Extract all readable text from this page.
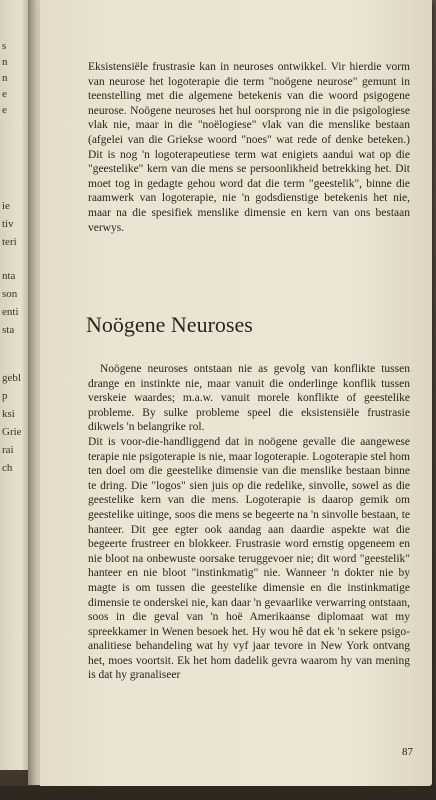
s
n
n
e
e
ie
tiv
teri
nta
son
enti
sta
gebl
p
ksi
Grie
rai
ch

Eksistensiële frustrasie kan in neuroses ontwikkel. Vir hierdie vorm van neurose het logoterapie die term "noögene neurose" gemunt in teenstelling met die algemene betekenis van die woord psigogene neurose. Noögene neuroses het hul oorsprong nie in die psigologiese vlak nie, maar in die "noëlogiese" vlak van die menslike bestaan (afgelei van die Griekse woord "noes" wat rede of denke beteken.) Dit is nog 'n logoterapeutiese term wat enigiets aandui wat op die "geestelike" kern van die mens se persoonlikheid betrekking het. Dit moet tog in gedagte gehou word dat die term "geestelik", binne die raamwerk van logoterapie, nie 'n godsdienstige betekenis het nie, maar na die spesifiek menslike dimensie en kern van ons bestaan verwys.

Noögene Neuroses

Noögene neuroses ontstaan nie as gevolg van konflikte tussen drange en instinkte nie, maar vanuit die onderlinge konflik tussen verskeie waardes; m.a.w. vanuit morele konflikte of geestelike probleme. By sulke probleme speel die eksistensiële frustrasie dikwels 'n belangrike rol.

Dit is voor-die-handliggend dat in noögene gevalle die aangewese terapie nie psigoterapie is nie, maar logoterapie. Logoterapie stel hom ten doel om die geestelike dimensie van die menslike bestaan binne te dring. Die "logos" sien juis op die redelike, sinvolle, sowel as die geestelike kern van die mens. Logoterapie is daarop gemik om geestelike uitinge, soos die mens se begeerte na 'n sinvolle bestaan, te hanteer. Dit gee egter ook aandag aan daardie aspekte wat die begeerte frustreer en blokkeer. Frustrasie word ernstig opgeneem en nie bloot na onbewuste oorsake teruggevoer nie; dit word "geestelik" hanteer en nie bloot "instinkmatig" nie. Wanneer 'n dokter nie by magte is om tussen die geestelike dimensie en die instinkmatige dimensie te onderskei nie, kan daar 'n gevaarlike verwarring ontstaan, soos in die geval van 'n hoë Amerikaanse diplomaat wat my spreekkamer in Wenen besoek het. Hy wou hê dat ek 'n sekere psigo-analitiese behandeling wat hy vyf jaar tevore in New York ontvang het, moes voortsit. Ek het hom dadelik gevra waarom hy van mening is dat hy granaliseer

87
